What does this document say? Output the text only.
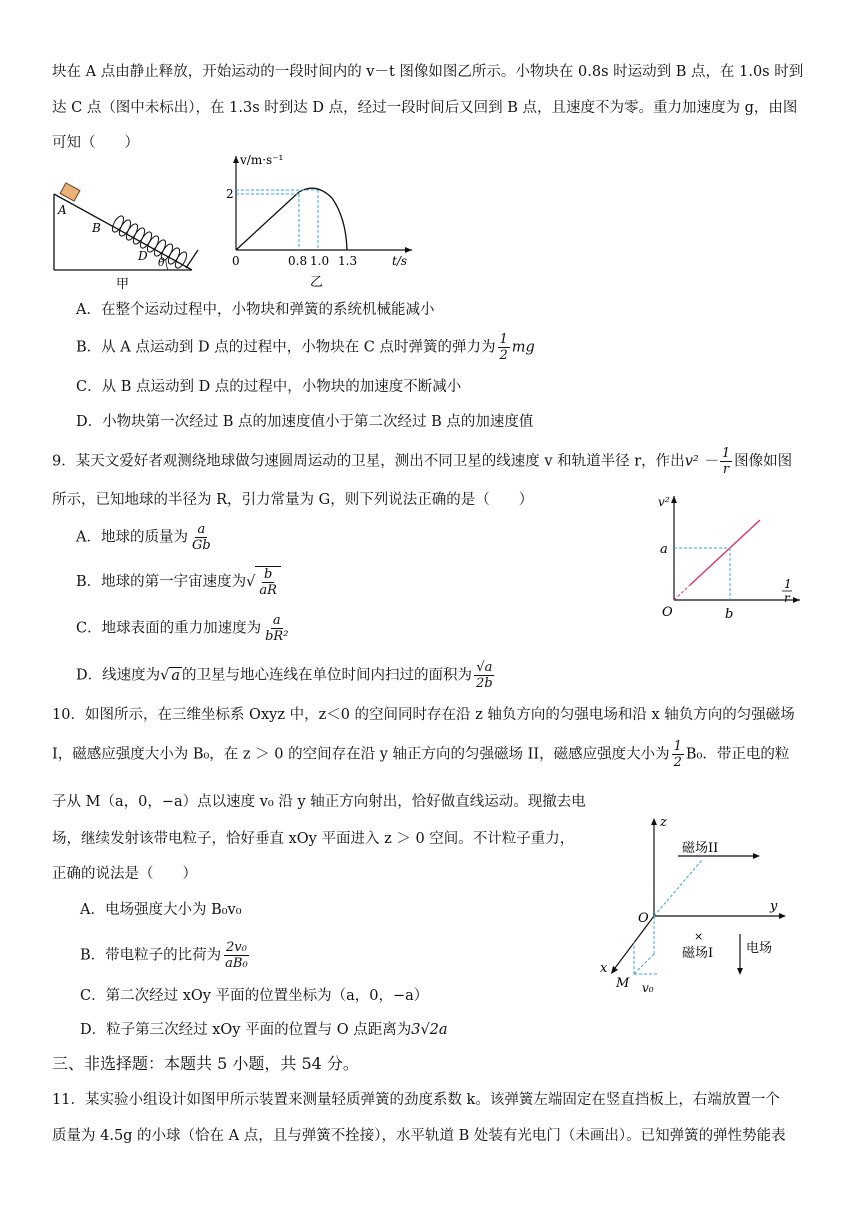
块在 A 点由静止释放，开始运动的一段时间内的 v－t 图像如图乙所示。小物块在 0.8s 时运动到 B 点，在 1.0s 时到
达 C 点（图中未标出），在 1.3s 时到达 D 点，经过一段时间后又回到 B 点，且速度不为零。重力加速度为 g，由图
可知（　　）
A
B
D θ
甲
v/m·s⁻¹
2
0	0.8 1.0 1.3	t/s
乙
A．在整个运动过程中，小物块和弹簧的系统机械能减小
B．从 A 点运动到 D 点的过程中，小物块在 C 点时弹簧的弹力为 $\frac{1}{2}$ mg
C．从 B 点运动到 D 点的过程中，小物块的加速度不断减小
D．小物块第一次经过 B 点的加速度值小于第二次经过 B 点的加速度值
9．某天文爱好者观测绕地球做匀速圆周运动的卫星，测出不同卫星的线速度 v 和轨道半径 r，作出$v^2 - \frac{1}{r}$ 图像如图
所示，已知地球的半径为 R，引力常量为 G，则下列说法正确的是（　　）	v²
a
O	b
1
r
A．地球的质量为 $\frac{a}{Gb}$
B．地球的第一宇宙速度为√ $\frac{b}{aR}$
C．地球表面的重力加速度为 $\frac{a}{\text{bR²}}$
D．线速度为√ a 的卫星与地心连线在单位时间内扫过的面积为 $\frac{√a}{2b}$
10．如图所示，在三维坐标系 Oxyz 中，z＜0 的空间同时存在沿 z 轴负方向的匀强电场和沿 x 轴负方向的匀强磁场
I，磁感应强度大小为 B₀，在 z ＞ 0 的空间存在沿 y 轴正方向的匀强磁场 II，磁感应强度大小为 $\frac{1}{2} B_0$．带正电的粒
子从 M（a，0，−a）点以速度 v₀ 沿 y 轴正方向射出，恰好做直线运动。现撤去电
场，继续发射该带电粒子，恰好垂直 xOy 平面进入 z ＞ 0 空间。不计粒子重力，
正确的说法是（　　）
z
y
x
O
M v₀
磁场II
×
磁场I	电场
A．电场强度大小为 B₀v₀
B．带电粒子的比荷为 $\frac{\text{2v₀}}{\text{aB₀}}$
C．第二次经过 xOy 平面的位置坐标为（a，0，−a）
D．粒子第三次经过 xOy 平面的位置与 O 点距离为3√2a
三、非选择题：本题共 5 小题，共 54 分。
11．某实验小组设计如图甲所示装置来测量轻质弹簧的劲度系数 k。该弹簧左端固定在竖直挡板上，右端放置一个
质量为 4.5g 的小球（恰在 A 点，且与弹簧不拴接），水平轨道 B 处装有光电门（未画出）。已知弹簧的弹性势能表
